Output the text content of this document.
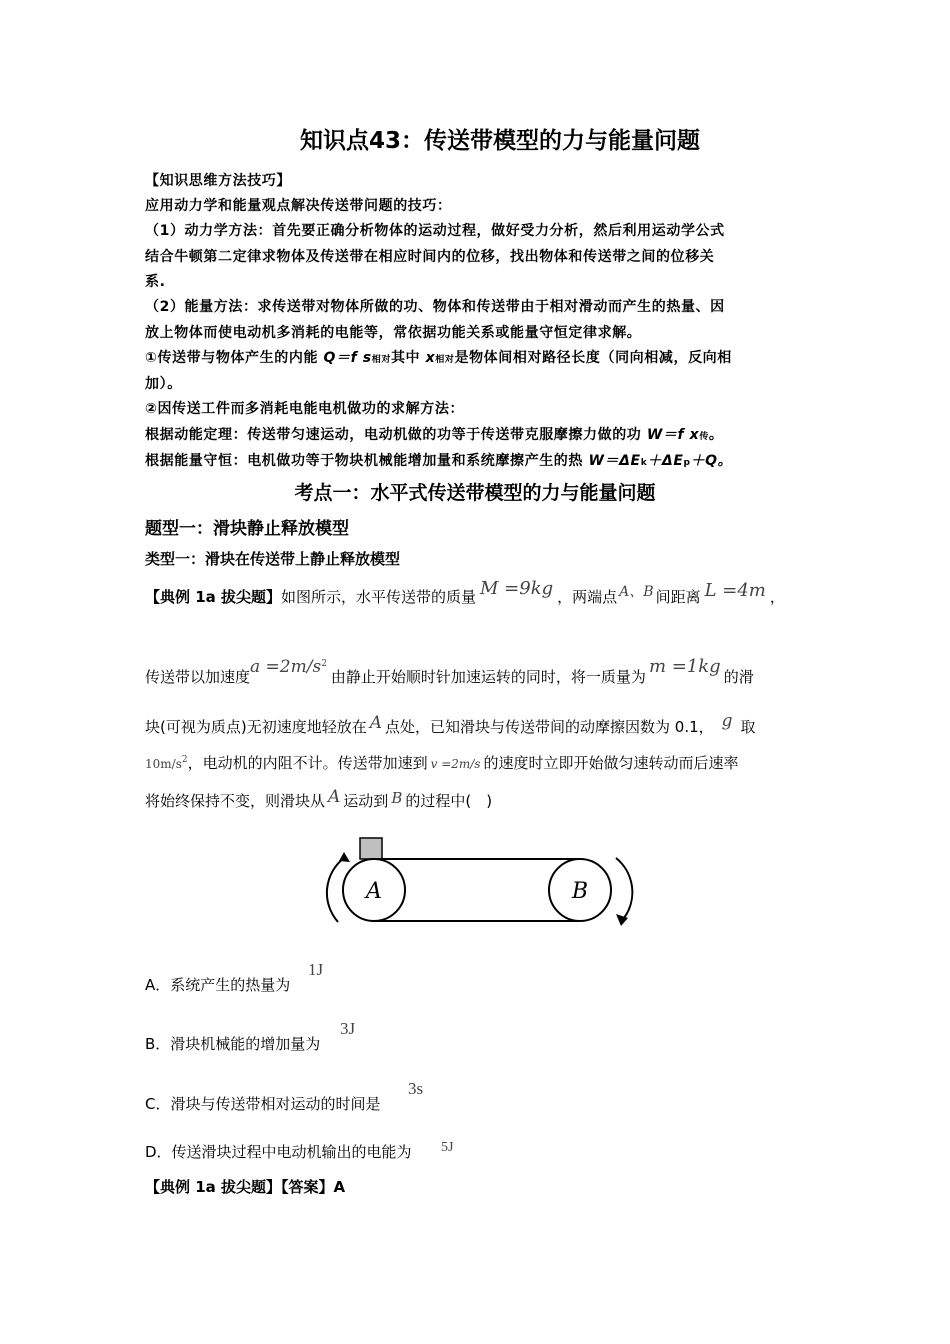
知识点43：传送带模型的力与能量问题
【知识思维方法技巧】
应用动力学和能量观点解决传送带问题的技巧：
（1）动力学方法：首先要正确分析物体的运动过程，做好受力分析，然后利用运动学公式
结合牛顿第二定律求物体及传送带在相应时间内的位移，找出物体和传送带之间的位移关
系.
（2）能量方法：求传送带对物体所做的功、物体和传送带由于相对滑动而产生的热量、因
放上物体而使电动机多消耗的电能等，常依据功能关系或能量守恒定律求解。
①传送带与物体产生的内能 Q＝f s相对其中 x相对是物体间相对路径长度（同向相减，反向相
加）。
②因传送工件而多消耗电能电机做功的求解方法：
根据动能定理：传送带匀速运动，电动机做的功等于传送带克服摩擦力做的功 W＝f x传。
根据能量守恒：电机做功等于物块机械能增加量和系统摩擦产生的热 W＝ΔEk＋ΔEp＋Q。
考点一：水平式传送带模型的力与能量问题
题型一：滑块静止释放模型
类型一：滑块在传送带上静止释放模型
【典例 1a 拔尖题】如图所示，水平传送带的质量 M =9kg ，两端点 A、B 间距离 L =4m ，
传送带以加速度$a =2m/s^2$由静止开始顺时针加速运转的同时，将一质量为 m =1kg 的滑
块(可视为质点)无初速度地轻放在 A 点处，已知滑块与传送带间的动摩擦因数为 0.1， g 取
$10m/s^2$，电动机的内阻不计。传送带加速到 v =2m/s 的速度时立即开始做匀速转动而后速率
将始终保持不变，则滑块从 A 运动到 B 的过程中(　)
A	B
A．系统产生的热量为
1J
B．滑块机械能的增加量为
3J
C．滑块与传送带相对运动的时间是
3s
D．传送滑块过程中电动机输出的电能为 5J
【典例 1a 拔尖题】【答案】A
